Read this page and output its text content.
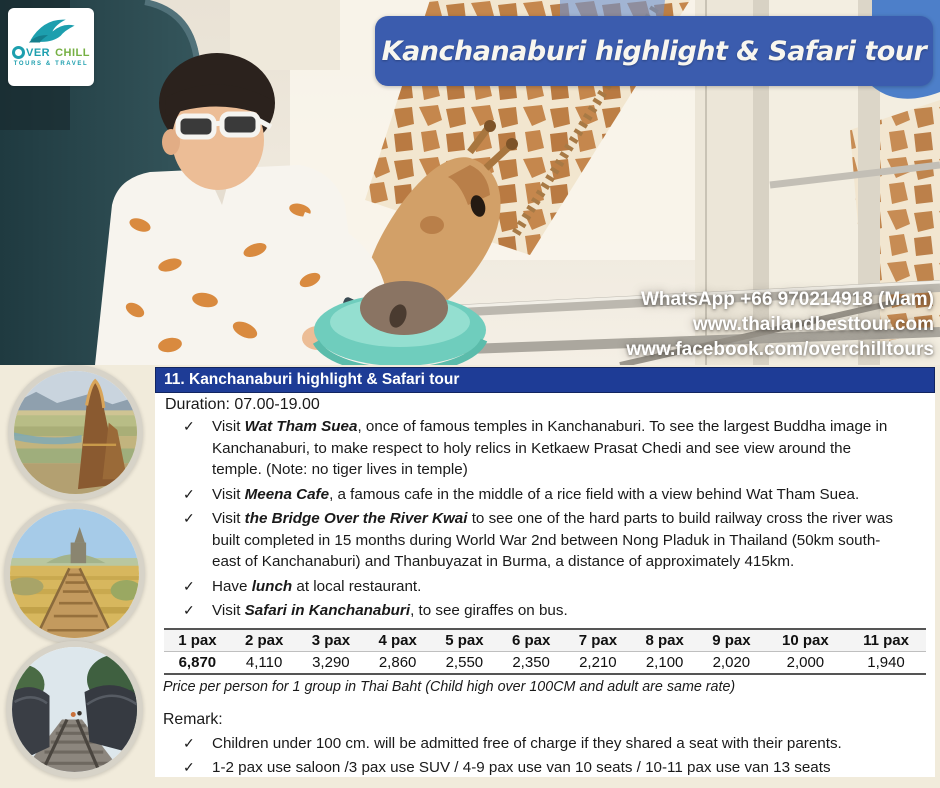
VER CHILL
TOURS & TRAVEL	Kanchanaburi highlight & Safari tour
WhatsApp +66 970214918 (Mam)
www.thailandbesttour.com
www.facebook.com/overchilltours
11. Kanchanaburi highlight & Safari tour
Duration: 07.00-19.00
✓ Visit Wat Tham Suea, once of famous temples in Kanchanaburi. To see the largest Buddha image in Kanchanaburi, to make respect to holy relics in Ketkaew Prasat Chedi and see view around the temple. (Note: no tiger lives in temple)

✓ Visit Meena Cafe, a famous cafe in the middle of a rice field with a view behind Wat Tham Suea.

✓ Visit the Bridge Over the River Kwai to see one of the hard parts to build railway cross the river was built completed in 15 months during World War 2nd between Nong Pladuk in Thailand (50km south-east of Kanchanaburi) and Thanbuyazat in Burma, a distance of approximately 415km.

✓ Have lunch at local restaurant.

✓ Visit Safari in Kanchanaburi, to see giraffes on bus.

1 pax	2 pax	3 pax	4 pax	5 pax	6 pax	7 pax	8 pax	9 pax	10 pax	11 pax
6,870	4,110	3,290	2,860	2,550	2,350	2,210	2,100	2,020	2,000	1,940
Price per person for 1 group in Thai Baht (Child high over 100CM and adult are same rate)
Remark:
✓ Children under 100 cm. will be admitted free of charge if they shared a seat with their parents.

✓ 1-2 pax use saloon /3 pax use SUV / 4-9 pax use van 10 seats / 10-11 pax use van 13 seats
